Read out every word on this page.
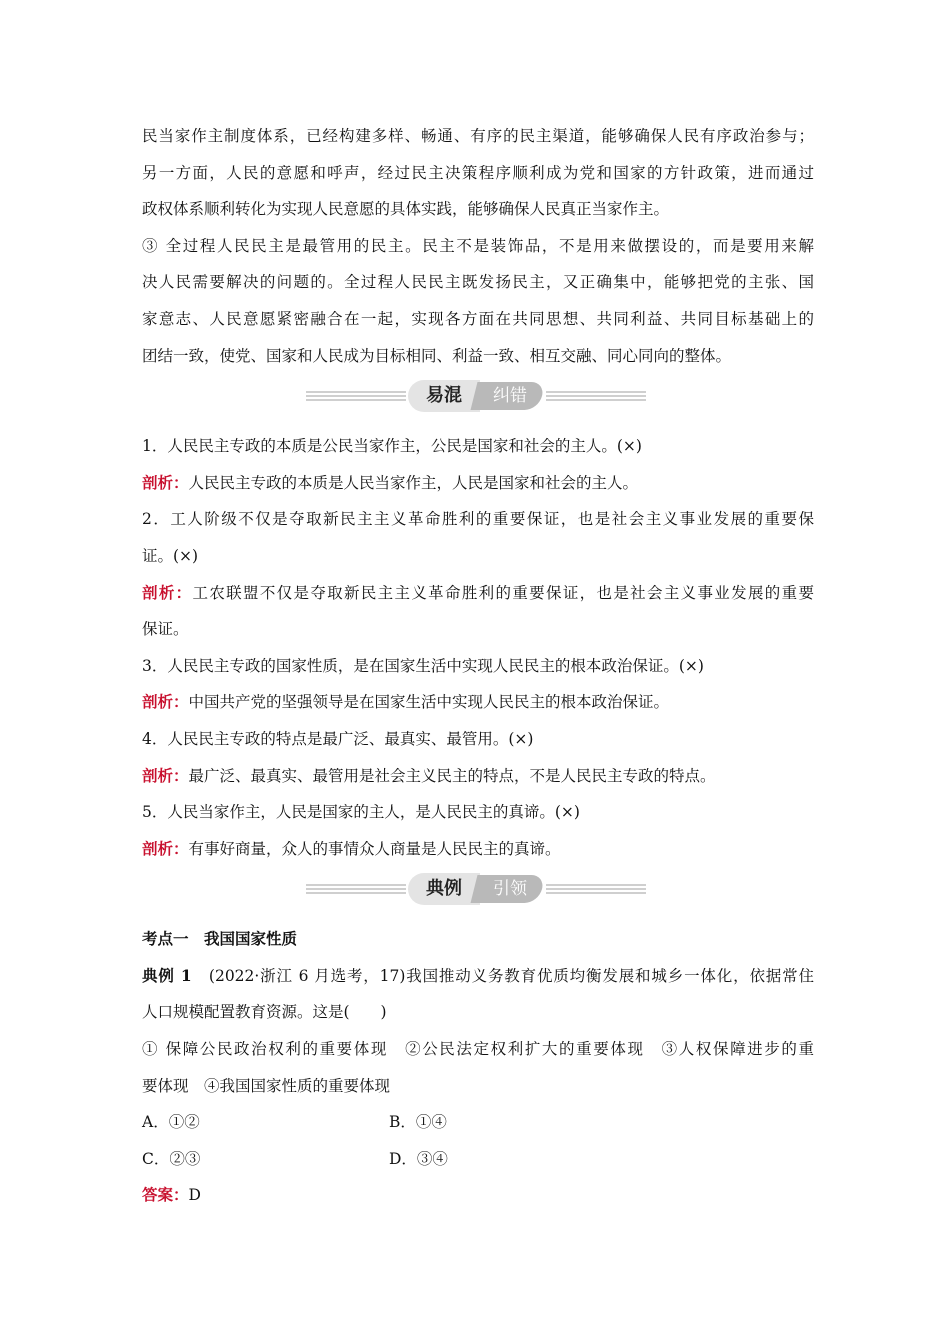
民当家作主制度体系，已经构建多样、畅通、有序的民主渠道，能够确保人民有序政治参与；
另一方面，人民的意愿和呼声，经过民主决策程序顺利成为党和国家的方针政策，进而通过
政权体系顺利转化为实现人民意愿的具体实践，能够确保人民真正当家作主。
③ 全过程人民民主是最管用的民主。民主不是装饰品，不是用来做摆设的，而是要用来解
决人民需要解决的问题的。全过程人民民主既发扬民主，又正确集中，能够把党的主张、国
家意志、人民意愿紧密融合在一起，实现各方面在共同思想、共同利益、共同目标基础上的
团结一致，使党、国家和人民成为目标相同、利益一致、相互交融、同心同向的整体。
易混	纠错
1．人民民主专政的本质是公民当家作主，公民是国家和社会的主人。(×)
剖析：人民民主专政的本质是人民当家作主，人民是国家和社会的主人。
2．工人阶级不仅是夺取新民主主义革命胜利的重要保证，也是社会主义事业发展的重要保
证。(×)
剖析：工农联盟不仅是夺取新民主主义革命胜利的重要保证，也是社会主义事业发展的重要
保证。
3．人民民主专政的国家性质，是在国家生活中实现人民民主的根本政治保证。(×)
剖析：中国共产党的坚强领导是在国家生活中实现人民民主的根本政治保证。
4．人民民主专政的特点是最广泛、最真实、最管用。(×)
剖析：最广泛、最真实、最管用是社会主义民主的特点，不是人民民主专政的特点。
5．人民当家作主，人民是国家的主人，是人民民主的真谛。(×)
剖析：有事好商量，众人的事情众人商量是人民民主的真谛。
典例	引领
考点一　我国国家性质
典例 1　(2022·浙江 6 月选考，17)我国推动义务教育优质均衡发展和城乡一体化，依据常住
人口规模配置教育资源。这是(　　)
① 保障公民政治权利的重要体现　②公民法定权利扩大的重要体现　③人权保障进步的重
要体现　④我国国家性质的重要体现
A．①②	B．①④
C．②③	D．③④
答案：D
